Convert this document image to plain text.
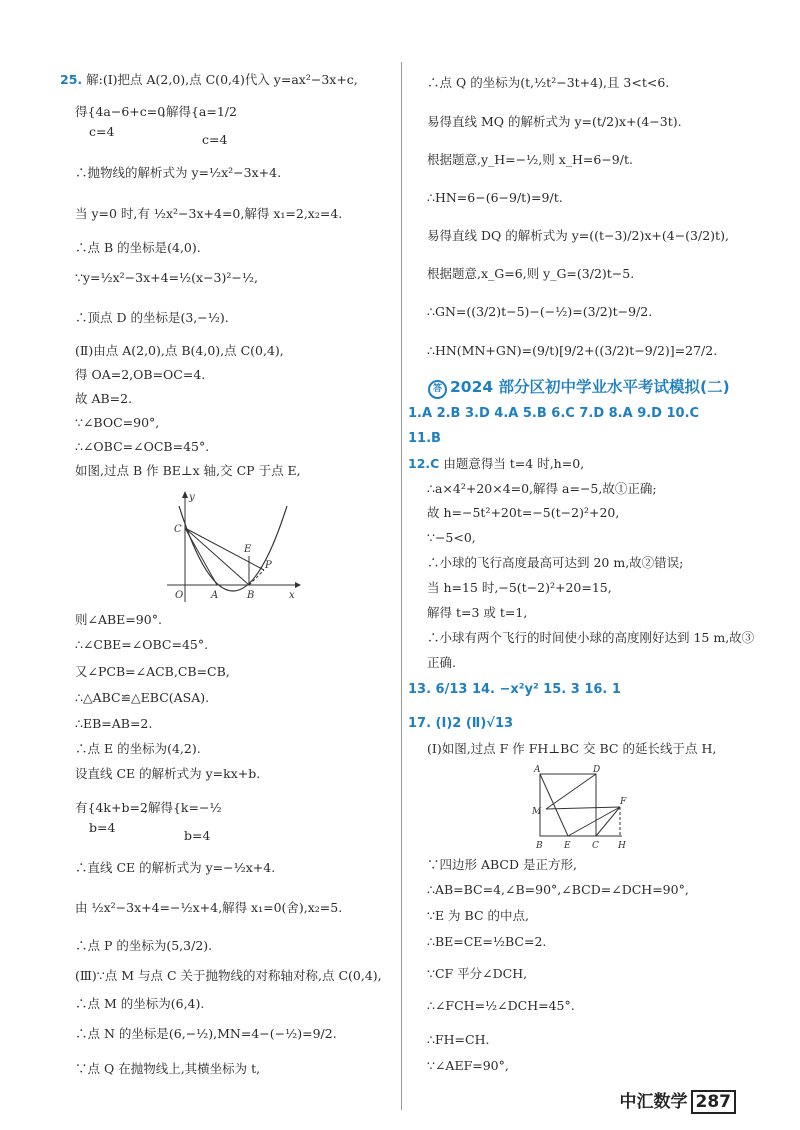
25. 解:(Ⅰ)把点 A(2,0),点 C(0,4)代入 y=ax²−3x+c,
得{4a−6+c=0
c=4
,解得{a=1/2
c=4
∴抛物线的解析式为 y=½x²−3x+4.
当 y=0 时,有 ½x²−3x+4=0,解得 x₁=2,x₂=4.
∴点 B 的坐标是(4,0).
∵y=½x²−3x+4=½(x−3)²−½,
∴顶点 D 的坐标是(3,−½).
(Ⅱ)由点 A(2,0),点 B(4,0),点 C(0,4),
得 OA=2,OB=OC=4.
故 AB=2.
∵∠BOC=90°,
∴∠OBC=∠OCB=45°.
如图,过点 B 作 BE⊥x 轴,交 CP 于点 E,
y
C
E
P
O	A	B	x
则∠ABE=90°.
∴∠CBE=∠OBC=45°.
又∠PCB=∠ACB,CB=CB,
∴△ABC≌△EBC(ASA).
∴EB=AB=2.
∴点 E 的坐标为(4,2).
设直线 CE 的解析式为 y=kx+b.
有{4k+b=2
b=4
,解得{k=−½
b=4
∴直线 CE 的解析式为 y=−½x+4.
由 ½x²−3x+4=−½x+4,解得 x₁=0(舍),x₂=5.
∴点 P 的坐标为(5,3/2).
(Ⅲ)∵点 M 与点 C 关于抛物线的对称轴对称,点 C(0,4),
∴点 M 的坐标为(6,4).
∴点 N 的坐标是(6,−½),MN=4−(−½)=9/2.
∵点 Q 在抛物线上,其横坐标为 t,
∴点 Q 的坐标为(t,½t²−3t+4),且 3<t<6.
易得直线 MQ 的解析式为 y=(t/2)x+(4−3t).
根据题意,y_H=−½,则 x_H=6−9/t.
∴HN=6−(6−9/t)=9/t.
易得直线 DQ 的解析式为 y=((t−3)/2)x+(4−(3/2)t),
根据题意,x_G=6,则 y_G=(3/2)t−5.
∴GN=((3/2)t−5)−(−½)=(3/2)t−9/2.
∴HN(MN+GN)=(9/t)[9/2+((3/2)t−9/2)]=27/2.
答 2024 部分区初中学业水平考试模拟(二)
1.A 2.B 3.D 4.A 5.B 6.C 7.D 8.A 9.D 10.C
11.B
12.C 由题意得当 t=4 时,h=0,
∴a×4²+20×4=0,解得 a=−5,故①正确;
故 h=−5t²+20t=−5(t−2)²+20,
∵−5<0,
∴小球的飞行高度最高可达到 20 m,故②错误;
当 h=15 时,−5(t−2)²+20=15,
解得 t=3 或 t=1,
∴小球有两个飞行的时间使小球的高度刚好达到 15 m,故③
正确.
13. 6/13 14. −x²y² 15. 3 16. 1
17. (Ⅰ)2 (Ⅱ)√13
(Ⅰ)如图,过点 F 作 FH⊥BC 交 BC 的延长线于点 H,
A	D
M
F
B E C H
∵四边形 ABCD 是正方形,
∴AB=BC=4,∠B=90°,∠BCD=∠DCH=90°,
∵E 为 BC 的中点,
∴BE=CE=½BC=2.
∵CF 平分∠DCH,
∴∠FCH=½∠DCH=45°.
∴FH=CH.
∵∠AEF=90°,
中汇数学 287
